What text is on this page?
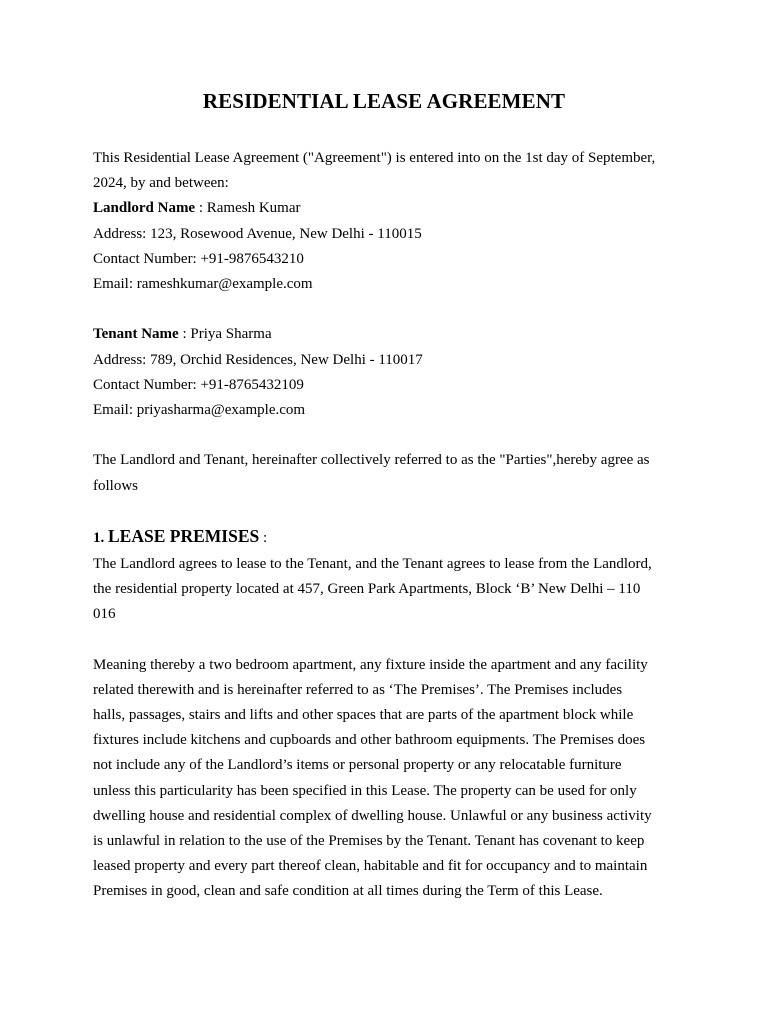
RESIDENTIAL LEASE AGREEMENT
This Residential Lease Agreement ("Agreement") is entered into on the 1st day of September,
2024, by and between:
Landlord Name : Ramesh Kumar
Address: 123, Rosewood Avenue, New Delhi - 110015
Contact Number: +91-9876543210
Email: rameshkumar@example.com
Tenant Name : Priya Sharma
Address: 789, Orchid Residences, New Delhi - 110017
Contact Number: +91-8765432109
Email: priyasharma@example.com
The Landlord and Tenant, hereinafter collectively referred to as the "Parties",hereby agree as
follows
1. LEASE PREMISES :
The Landlord agrees to lease to the Tenant, and the Tenant agrees to lease from the Landlord,
the residential property located at 457, Green Park Apartments, Block ‘B’ New Delhi – 110
016
Meaning thereby a two bedroom apartment, any fixture inside the apartment and any facility
related therewith and is hereinafter referred to as ‘The Premises’. The Premises includes
halls, passages, stairs and lifts and other spaces that are parts of the apartment block while
fixtures include kitchens and cupboards and other bathroom equipments. The Premises does
not include any of the Landlord’s items or personal property or any relocatable furniture
unless this particularity has been specified in this Lease. The property can be used for only
dwelling house and residential complex of dwelling house. Unlawful or any business activity
is unlawful in relation to the use of the Premises by the Tenant. Tenant has covenant to keep
leased property and every part thereof clean, habitable and fit for occupancy and to maintain
Premises in good, clean and safe condition at all times during the Term of this Lease.
